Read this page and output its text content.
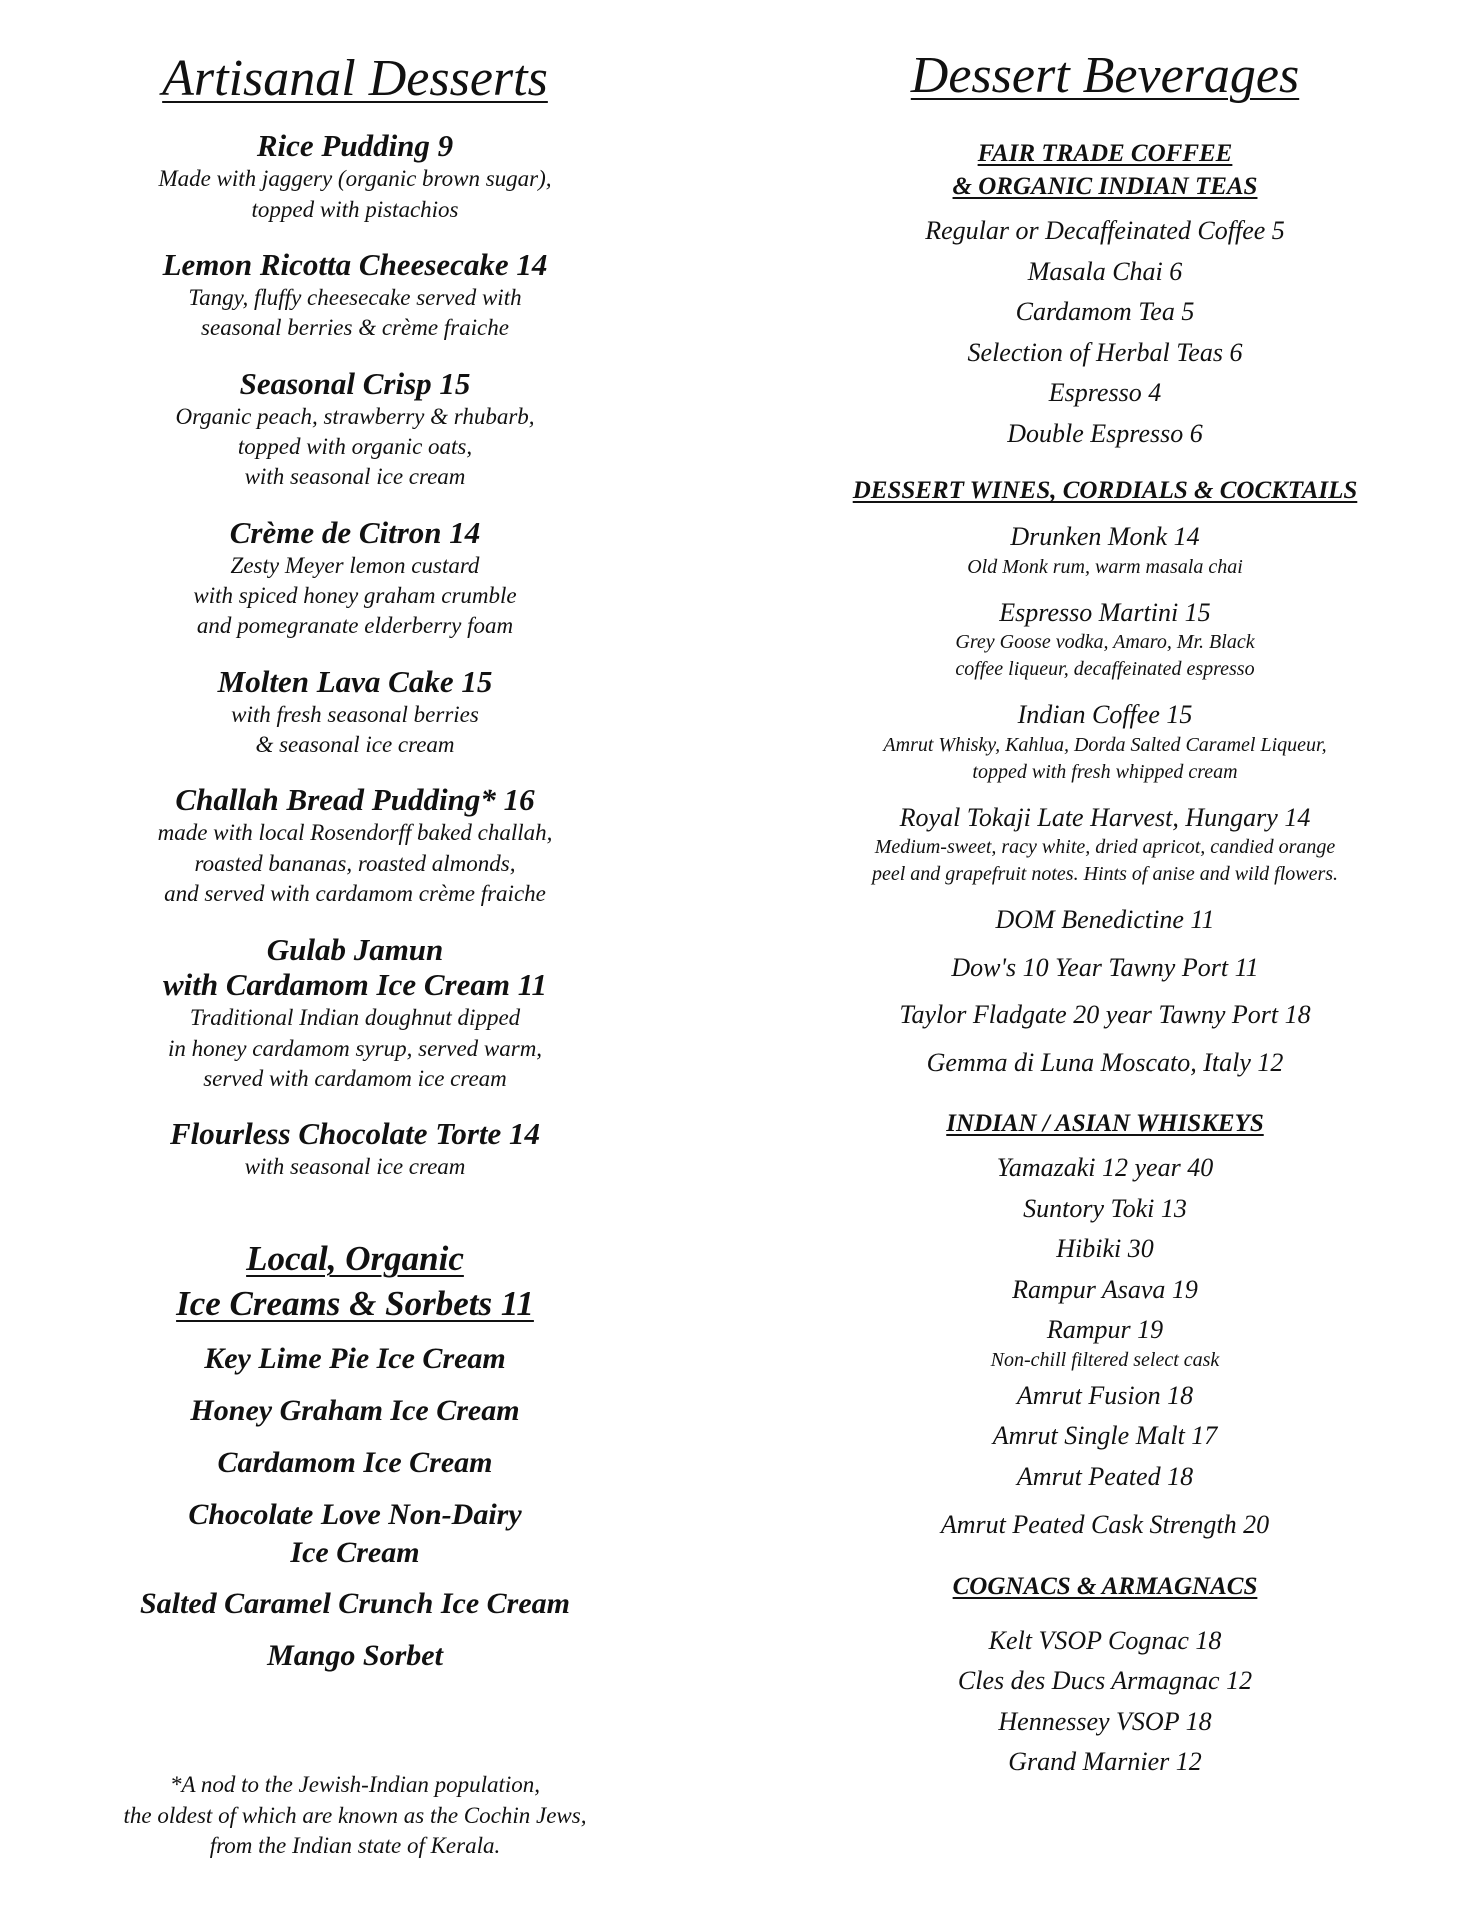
Artisanal Desserts
Rice Pudding 9
Made with jaggery (organic brown sugar),
topped with pistachios
Lemon Ricotta Cheesecake 14
Tangy, fluffy cheesecake served with
seasonal berries & crème fraiche
Seasonal Crisp 15
Organic peach, strawberry & rhubarb,
topped with organic oats,
with seasonal ice cream
Crème de Citron 14
Zesty Meyer lemon custard
with spiced honey graham crumble
and pomegranate elderberry foam
Molten Lava Cake 15
with fresh seasonal berries
& seasonal ice cream
Challah Bread Pudding* 16
made with local Rosendorff baked challah,
roasted bananas, roasted almonds,
and served with cardamom crème fraiche
Gulab Jamun
with Cardamom Ice Cream 11
Traditional Indian doughnut dipped
in honey cardamom syrup, served warm,
served with cardamom ice cream
Flourless Chocolate Torte 14
with seasonal ice cream
Local, Organic
Ice Creams & Sorbets 11
Key Lime Pie Ice Cream
Honey Graham Ice Cream
Cardamom Ice Cream
Chocolate Love Non-Dairy
Ice Cream
Salted Caramel Crunch Ice Cream
Mango Sorbet
*A nod to the Jewish-Indian population,
the oldest of which are known as the Cochin Jews,
from the Indian state of Kerala.
Dessert Beverages
FAIR TRADE COFFEE
& ORGANIC INDIAN TEAS
Regular or Decaffeinated Coffee 5
Masala Chai 6
Cardamom Tea 5
Selection of Herbal Teas 6
Espresso 4
Double Espresso 6
DESSERT WINES, CORDIALS & COCKTAILS
Drunken Monk 14
Old Monk rum, warm masala chai
Espresso Martini 15
Grey Goose vodka, Amaro, Mr. Black
coffee liqueur, decaffeinated espresso
Indian Coffee 15
Amrut Whisky, Kahlua, Dorda Salted Caramel Liqueur,
topped with fresh whipped cream
Royal Tokaji Late Harvest, Hungary 14
Medium-sweet, racy white, dried apricot, candied orange
peel and grapefruit notes. Hints of anise and wild flowers.
DOM Benedictine 11
Dow's 10 Year Tawny Port 11
Taylor Fladgate 20 year Tawny Port 18
Gemma di Luna Moscato, Italy 12
INDIAN / ASIAN WHISKEYS
Yamazaki 12 year 40
Suntory Toki 13
Hibiki 30
Rampur Asava 19
Rampur 19
Non-chill filtered select cask
Amrut Fusion 18
Amrut Single Malt 17
Amrut Peated 18
Amrut Peated Cask Strength 20
COGNACS & ARMAGNACS
Kelt VSOP Cognac 18
Cles des Ducs Armagnac 12
Hennessey VSOP 18
Grand Marnier 12
